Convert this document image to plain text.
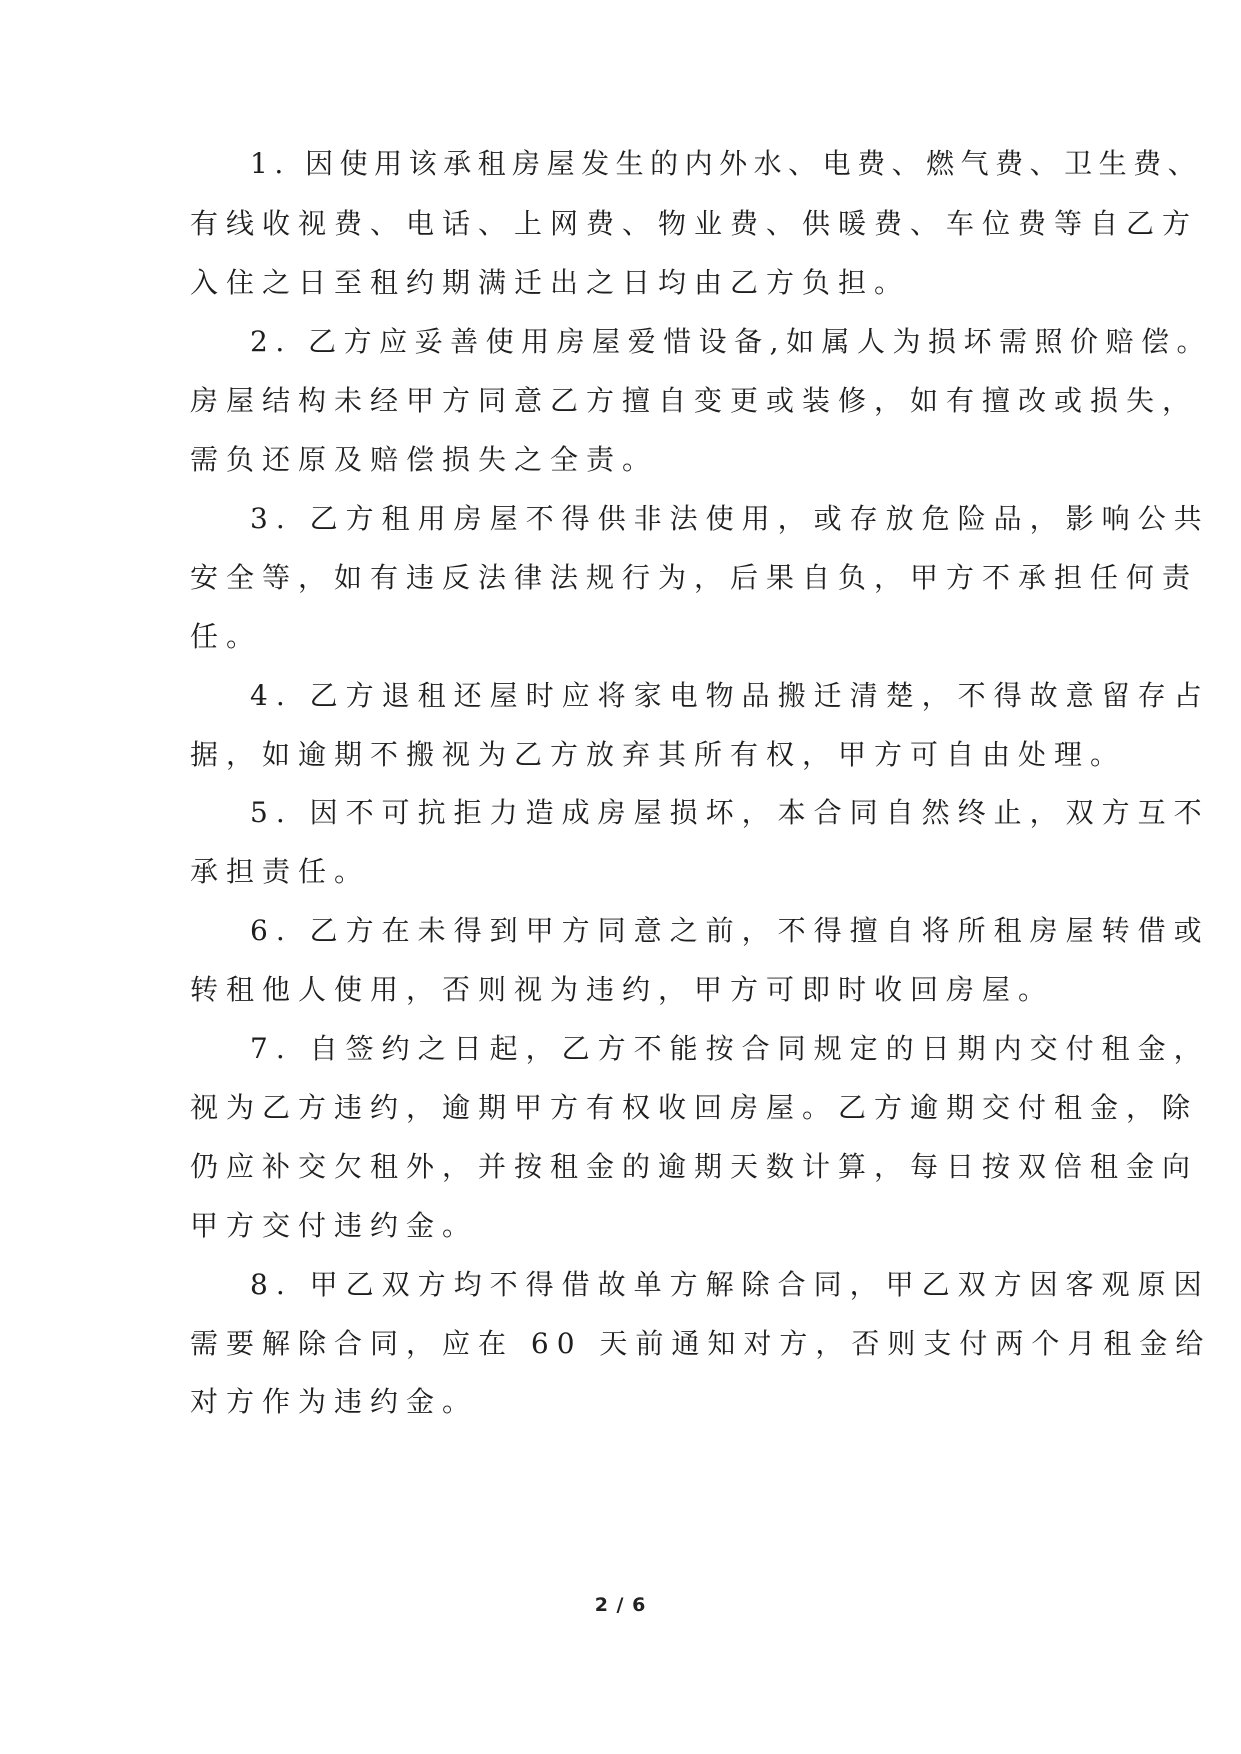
1. 因使用该承租房屋发生的内外水、电费、燃气费、卫生费、

有线收视费、电话、上网费、物业费、供暖费、车位费等自乙方

入住之日至租约期满迁出之日均由乙方负担。

2. 乙方应妥善使用房屋爱惜设备,如属人为损坏需照价赔偿。

房屋结构未经甲方同意乙方擅自变更或装修，如有擅改或损失，

需负还原及赔偿损失之全责。

3. 乙方租用房屋不得供非法使用，或存放危险品，影响公共

安全等，如有违反法律法规行为，后果自负，甲方不承担任何责

任。

4. 乙方退租还屋时应将家电物品搬迁清楚，不得故意留存占

据，如逾期不搬视为乙方放弃其所有权，甲方可自由处理。

5. 因不可抗拒力造成房屋损坏，本合同自然终止，双方互不

承担责任。

6. 乙方在未得到甲方同意之前，不得擅自将所租房屋转借或

转租他人使用，否则视为违约，甲方可即时收回房屋。

7. 自签约之日起，乙方不能按合同规定的日期内交付租金，

视为乙方违约，逾期甲方有权收回房屋。乙方逾期交付租金，除

仍应补交欠租外，并按租金的逾期天数计算，每日按双倍租金向

甲方交付违约金。

8. 甲乙双方均不得借故单方解除合同，甲乙双方因客观原因

需要解除合同，应在 60 天前通知对方，否则支付两个月租金给

对方作为违约金。

2 / 6
